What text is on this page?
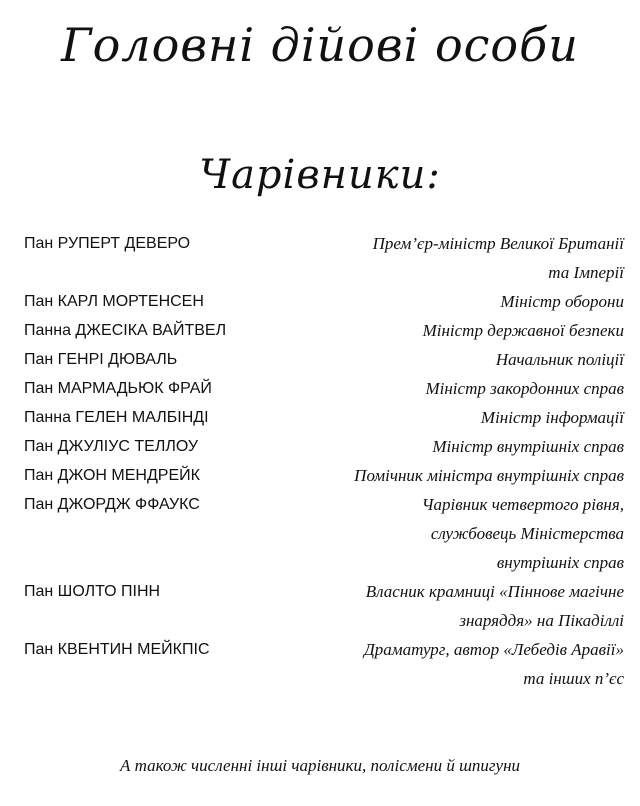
Головні дійові особи
Чарівники:
Пан РУПЕРТ ДЕВЕРО	Прем’єр-міністр Великої Британії
та Імперії
Пан КАРЛ МОРТЕНСЕН	Міністр оборони
Панна ДЖЕСІКА ВАЙТВЕЛ	Міністр державної безпеки
Пан ГЕНРІ ДЮВАЛЬ	Начальник поліції
Пан МАРМАДЬЮК ФРАЙ	Міністр закордонних справ
Панна ГЕЛЕН МАЛБІНДІ	Міністр інформації
Пан ДЖУЛІУС ТЕЛЛОУ	Міністр внутрішніх справ
Пан ДЖОН МЕНДРЕЙК	Помічник міністра внутрішніх справ
Пан ДЖОРДЖ ФФАУКС	Чарівник четвертого рівня,
службовець Міністерства
внутрішніх справ
Пан ШОЛТО ПІНН	Власник крамниці «Піннове магічне
знаряддя» на Пікаділлі
Пан КВЕНТИН МЕЙКПІС	Драматург, автор «Лебедів Аравії»
та інших п’єс
А також численні інші чарівники, полісмени й шпигуни
